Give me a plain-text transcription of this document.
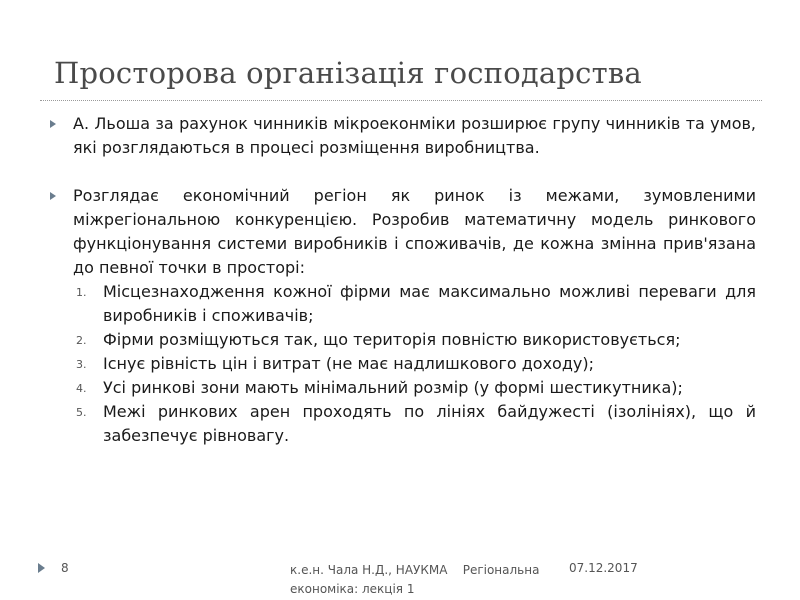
Просторова організація господарства
А. Льоша за рахунок чинників мікроеконміки розширює групу чинників та умов, які розглядаються в процесі розміщення виробництва.
Розглядає економічний регіон як ринок із межами, зумовленими міжрегіональною конкуренцією. Розробив математичну модель ринкового функціонування системи виробників і споживачів, де кожна змінна прив'язана до певної точки в просторі:
1. Місцезнаходження кожної фірми має максимально можливі переваги для виробників і споживачів;
2. Фірми розміщуються так, що територія повністю використовується;
3. Існує рівність цін і витрат (не має надлишкового доходу);
4. Усі ринкові зони мають мінімальний розмір (у формі шестикутника);
5. Межі ринкових арен проходять по лініях байдужесті (ізолініях), що й забезпечує рівновагу.
8	к.е.н. Чала Н.Д., НАУКМА Регіональна економіка: лекція 1
07.12.2017
